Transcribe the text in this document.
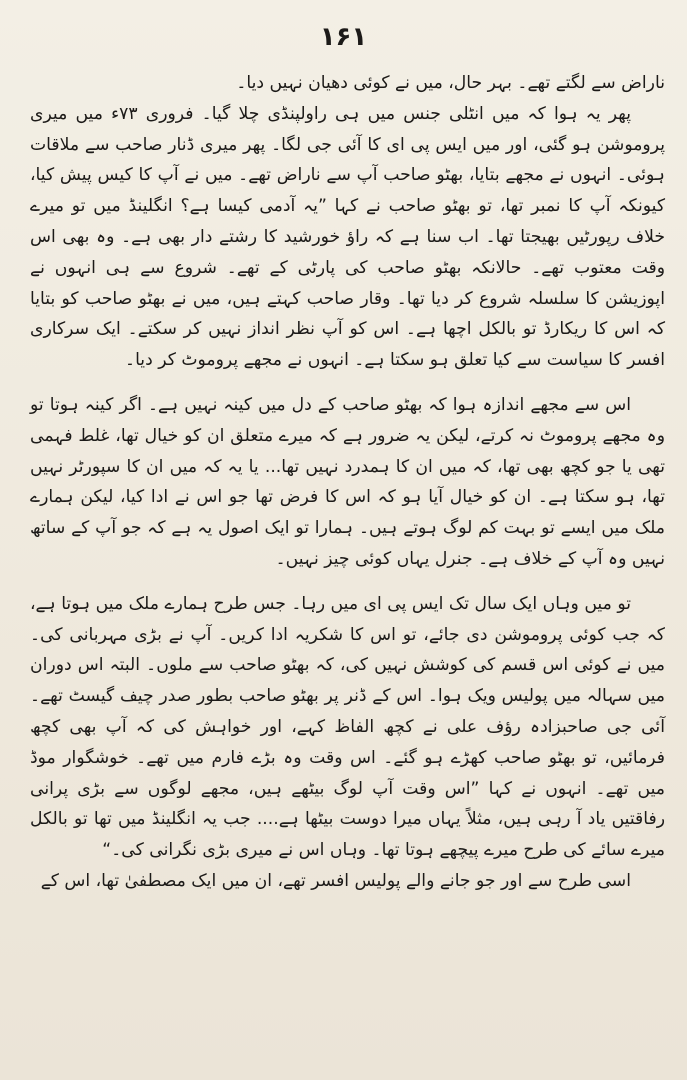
۱۶۱

ناراض سے لگتے تھے۔ بہر حال، میں نے کوئی دھیان نہیں دیا۔

پھر یہ ہوا کہ میں انٹلی جنس میں ہی راولپنڈی چلا گیا۔ فروری ۷۳ء میں میری پروموشن ہو گئی، اور میں ایس پی ای کا آئی جی لگا۔ پھر میری ڈنار صاحب سے ملاقات ہوئی۔ انہوں نے مجھے بتایا، بھٹو صاحب آپ سے ناراض تھے۔ میں نے آپ کا کیس پیش کیا، کیونکہ آپ کا نمبر تھا، تو بھٹو صاحب نے کہا ”یہ آدمی کیسا ہے؟ انگلینڈ میں تو میرے خلاف رپورٹیں بھیجتا تھا۔ اب سنا ہے کہ راؤ خورشید کا رشتے دار بھی ہے۔ وہ بھی اس وقت معتوب تھے۔ حالانکہ بھٹو صاحب کی پارٹی کے تھے۔ شروع سے ہی انہوں نے اپوزیشن کا سلسلہ شروع کر دیا تھا۔ وقار صاحب کہتے ہیں، میں نے بھٹو صاحب کو بتایا کہ اس کا ریکارڈ تو بالکل اچھا ہے۔ اس کو آپ نظر انداز نہیں کر سکتے۔ ایک سرکاری افسر کا سیاست سے کیا تعلق ہو سکتا ہے۔ انہوں نے مجھے پروموٹ کر دیا۔

اس سے مجھے اندازہ ہوا کہ بھٹو صاحب کے دل میں کینہ نہیں ہے۔ اگر کینہ ہوتا تو وہ مجھے پروموٹ نہ کرتے، لیکن یہ ضرور ہے کہ میرے متعلق ان کو خیال تھا، غلط فہمی تھی یا جو کچھ بھی تھا، کہ میں ان کا ہمدرد نہیں تھا... یا یہ کہ میں ان کا سپورٹر نہیں تھا، ہو سکتا ہے۔ ان کو خیال آیا ہو کہ اس کا فرض تھا جو اس نے ادا کیا، لیکن ہمارے ملک میں ایسے تو بہت کم لوگ ہوتے ہیں۔ ہمارا تو ایک اصول یہ ہے کہ جو آپ کے ساتھ نہیں وہ آپ کے خلاف ہے۔ جنرل یہاں کوئی چیز نہیں۔

تو میں وہاں ایک سال تک ایس پی ای میں رہا۔ جس طرح ہمارے ملک میں ہوتا ہے، کہ جب کوئی پروموشن دی جائے، تو اس کا شکریہ ادا کریں۔ آپ نے بڑی مہربانی کی۔ میں نے کوئی اس قسم کی کوشش نہیں کی، کہ بھٹو صاحب سے ملوں۔ البتہ اس دوران میں سہالہ میں پولیس ویک ہوا۔ اس کے ڈنر پر بھٹو صاحب بطور صدر چیف گیسٹ تھے۔ آئی جی صاحبزادہ رؤف علی نے کچھ الفاظ کہے، اور خواہش کی کہ آپ بھی کچھ فرمائیں، تو بھٹو صاحب کھڑے ہو گئے۔ اس وقت وہ بڑے فارم میں تھے۔ خوشگوار موڈ میں تھے۔ انہوں نے کہا ”اس وقت آپ لوگ بیٹھے ہیں، مجھے لوگوں سے بڑی پرانی رفاقتیں یاد آ رہی ہیں، مثلاً یہاں میرا دوست بیٹھا ہے.... جب یہ انگلینڈ میں تھا تو بالکل میرے سائے کی طرح میرے پیچھے ہوتا تھا۔ وہاں اس نے میری بڑی نگرانی کی۔“

اسی طرح سے اور جو جانے والے پولیس افسر تھے، ان میں ایک مصطفیٰ تھا، اس کے
